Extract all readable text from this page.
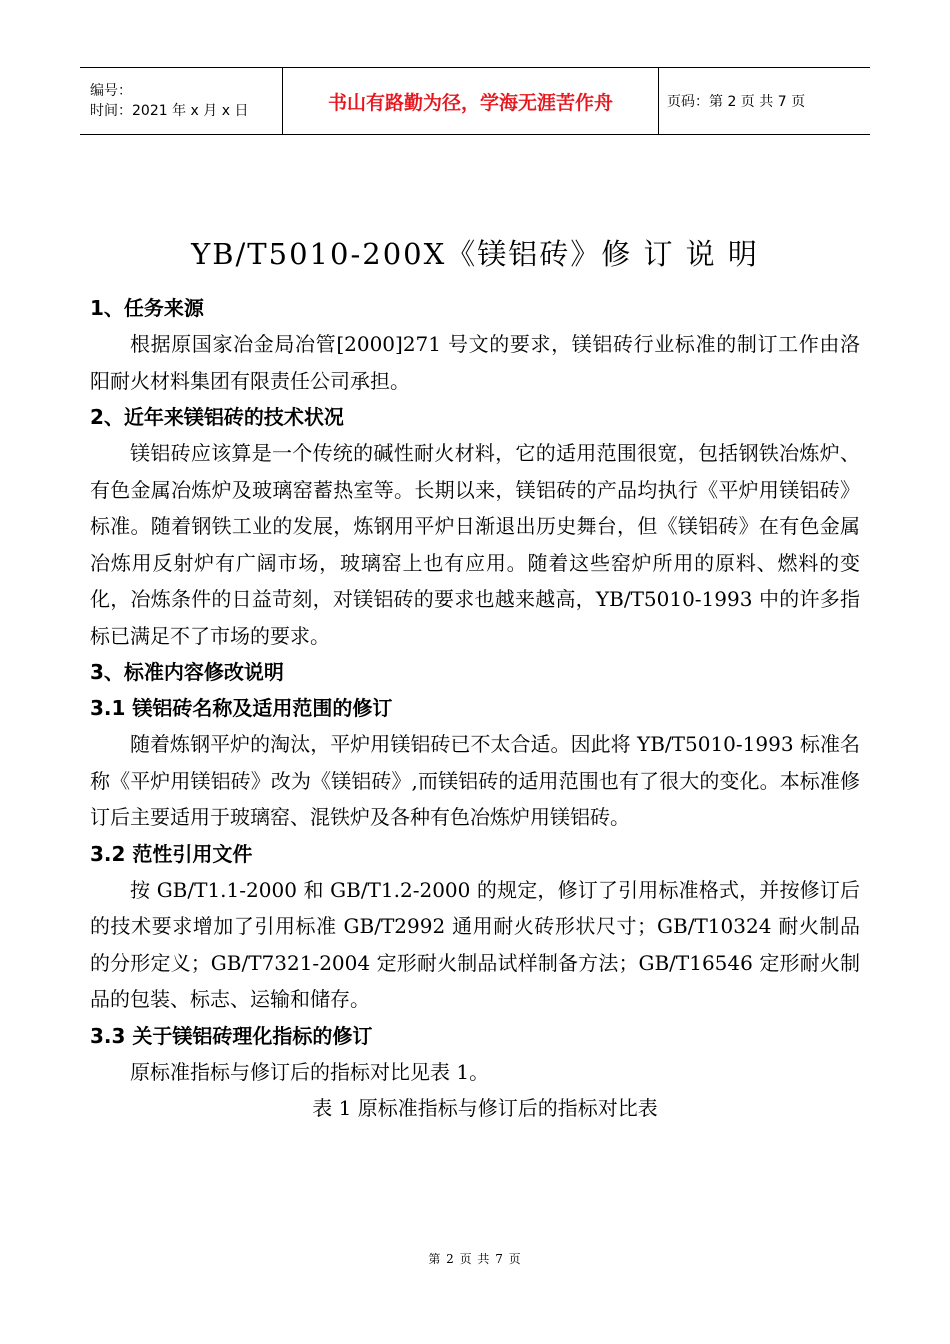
编号：
时间：2021 年 x 月 x 日	书山有路勤为径，学海无涯苦作舟	页码：第 2 页 共 7 页
YB/T5010-200X《镁铝砖》修 订 说 明

1、任务来源

根据原国家冶金局冶管[2000]271 号文的要求，镁铝砖行业标准的制订工作由洛阳耐火材料集团有限责任公司承担。

2、近年来镁铝砖的技术状况

镁铝砖应该算是一个传统的碱性耐火材料，它的适用范围很宽，包括钢铁冶炼炉、有色金属冶炼炉及玻璃窑蓄热室等。长期以来，镁铝砖的产品均执行《平炉用镁铝砖》标准。随着钢铁工业的发展，炼钢用平炉日渐退出历史舞台，但《镁铝砖》在有色金属冶炼用反射炉有广阔市场，玻璃窑上也有应用。随着这些窑炉所用的原料、燃料的变化，冶炼条件的日益苛刻，对镁铝砖的要求也越来越高，YB/T5010-1993 中的许多指标已满足不了市场的要求。

3、标准内容修改说明

3.1 镁铝砖名称及适用范围的修订

随着炼钢平炉的淘汰，平炉用镁铝砖已不太合适。因此将 YB/T5010-1993 标准名称《平炉用镁铝砖》改为《镁铝砖》,而镁铝砖的适用范围也有了很大的变化。本标准修订后主要适用于玻璃窑、混铁炉及各种有色冶炼炉用镁铝砖。

3.2 范性引用文件

按 GB/T1.1-2000 和 GB/T1.2-2000 的规定，修订了引用标准格式，并按修订后的技术要求增加了引用标准 GB/T2992 通用耐火砖形状尺寸；GB/T10324 耐火制品的分形定义；GB/T7321-2004 定形耐火制品试样制备方法；GB/T16546 定形耐火制品的包装、标志、运输和储存。

3.3 关于镁铝砖理化指标的修订

原标准指标与修订后的指标对比见表 1。

表 1 原标准指标与修订后的指标对比表

第 2 页 共 7 页
